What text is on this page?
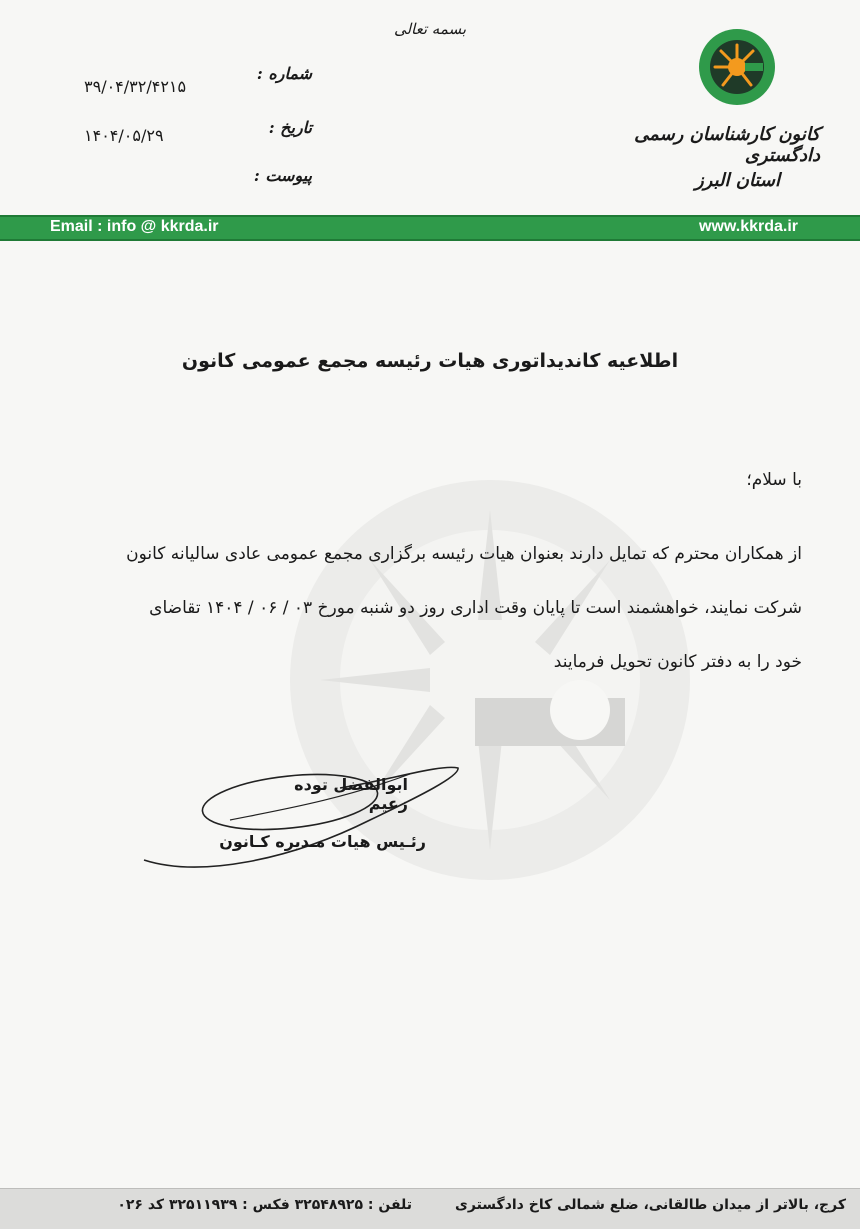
بسمه تعالی
کانون کارشناسان رسمی دادگستری
استان البرز
شماره :
۳۹/۰۴/۳۲/۴۲۱۵
تاریخ :
۱۴۰۴/۰۵/۲۹
پیوست :
Email : info @ kkrda.ir	www.kkrda.ir
اطلاعیه کاندیداتوری هیات رئیسه مجمع عمومی کانون
با سلام؛
از همکاران محترم که تمایل دارند بعنوان هیات رئیسه برگزاری مجمع عمومی عادی سالیانه کانون
شرکت نمایند، خواهشمند است تا پایان وقت اداری روز دو شنبه مورخ ۰۳ / ۰۶ / ۱۴۰۴ تقاضای
خود را به دفتر کانون تحویل فرمایند
ابوالفضل توده زعیم
رئـیس هیات مـدیره کـانون
کرج، بالاتر از میدان طالقانی، ضلع شمالی کاخ دادگستری
تلفن : ۳۲۵۴۸۹۲۵ فکس : ۳۲۵۱۱۹۳۹ کد ۰۲۶
